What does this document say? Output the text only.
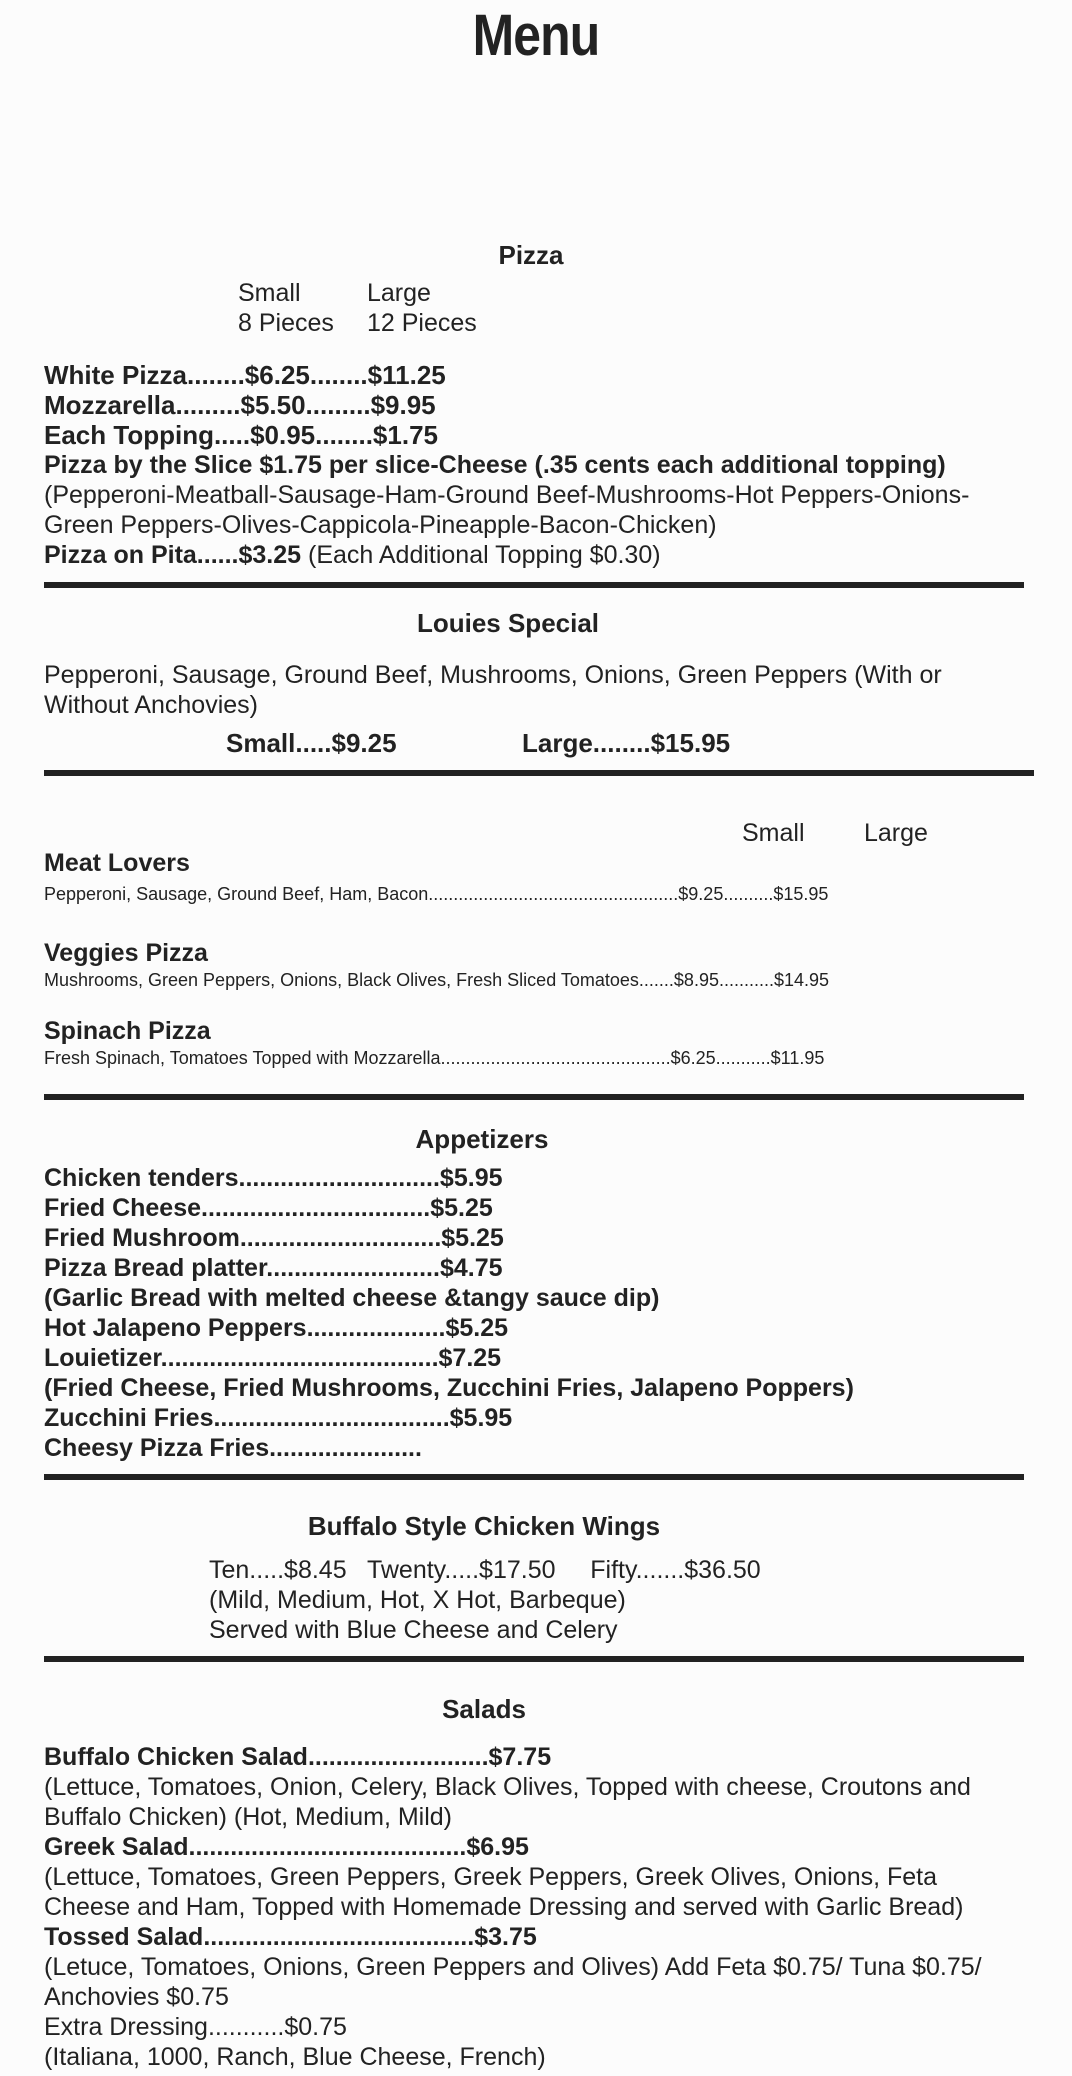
Menu
Pizza
Small	Large
8 Pieces 12 Pieces
White Pizza........$6.25........$11.25
Mozzarella.........$5.50.........$9.95
Each Topping.....$0.95........$1.75
Pizza by the Slice $1.75 per slice-Cheese (.35 cents each additional topping)
(Pepperoni-Meatball-Sausage-Ham-Ground Beef-Mushrooms-Hot Peppers-Onions-
Green Peppers-Olives-Cappicola-Pineapple-Bacon-Chicken)
Pizza on Pita......$3.25 (Each Additional Topping $0.30)
Louies Special
Pepperoni, Sausage, Ground Beef, Mushrooms, Onions, Green Peppers (With or
Without Anchovies)
Small.....$9.25	Large........$15.95
Small Large
Meat Lovers
Pepperoni, Sausage, Ground Beef, Ham, Bacon..................................................$9.25..........$15.95
Veggies Pizza
Mushrooms, Green Peppers, Onions, Black Olives, Fresh Sliced Tomatoes.......$8.95...........$14.95
Spinach Pizza
Fresh Spinach, Tomatoes Topped with Mozzarella..............................................$6.25...........$11.95
Appetizers
Chicken tenders.............................$5.95
Fried Cheese.................................$5.25
Fried Mushroom.............................$5.25
Pizza Bread platter.........................$4.75
(Garlic Bread with melted cheese &tangy sauce dip)
Hot Jalapeno Peppers....................$5.25
Louietizer........................................$7.25
(Fried Cheese, Fried Mushrooms, Zucchini Fries, Jalapeno Poppers)
Zucchini Fries..................................$5.95
Cheesy Pizza Fries......................
Buffalo Style Chicken Wings
Ten.....$8.45   Twenty.....$17.50     Fifty.......$36.50
(Mild, Medium, Hot, X Hot, Barbeque)
Served with Blue Cheese and Celery
Salads
Buffalo Chicken Salad..........................$7.75
(Lettuce, Tomatoes, Onion, Celery, Black Olives, Topped with cheese, Croutons and
Buffalo Chicken) (Hot, Medium, Mild)
Greek Salad........................................$6.95
(Lettuce, Tomatoes, Green Peppers, Greek Peppers, Greek Olives, Onions, Feta
Cheese and Ham, Topped with Homemade Dressing and served with Garlic Bread)
Tossed Salad.......................................$3.75
(Letuce, Tomatoes, Onions, Green Peppers and Olives) Add Feta $0.75/ Tuna $0.75/
Anchovies $0.75
Extra Dressing...........$0.75
(Italiana, 1000, Ranch, Blue Cheese, French)
